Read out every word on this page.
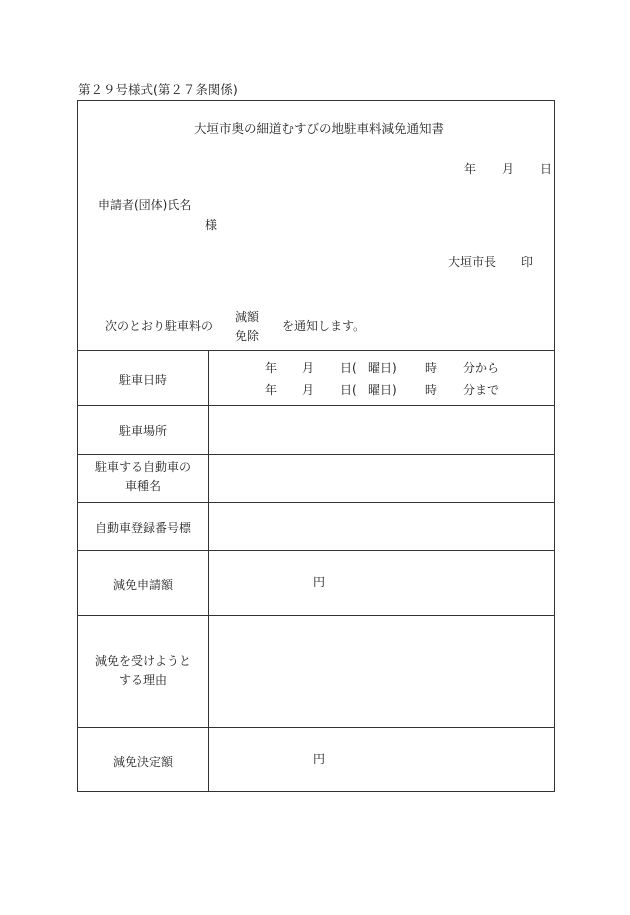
第２９号様式(第２７条関係)
大垣市奥の細道むすびの地駐車料減免通知書
年 月 日
申請者(団体)氏名
様
大垣市長 印
次のとおり駐車料の
減額
免除
を通知します。
駐車日時
年 月 日( 曜日) 時 分から
年 月 日( 曜日) 時 分まで
駐車場所
駐車する自動車の
車種名
自動車登録番号標
減免申請額	円
減免を受けようと
する理由
減免決定額	円
